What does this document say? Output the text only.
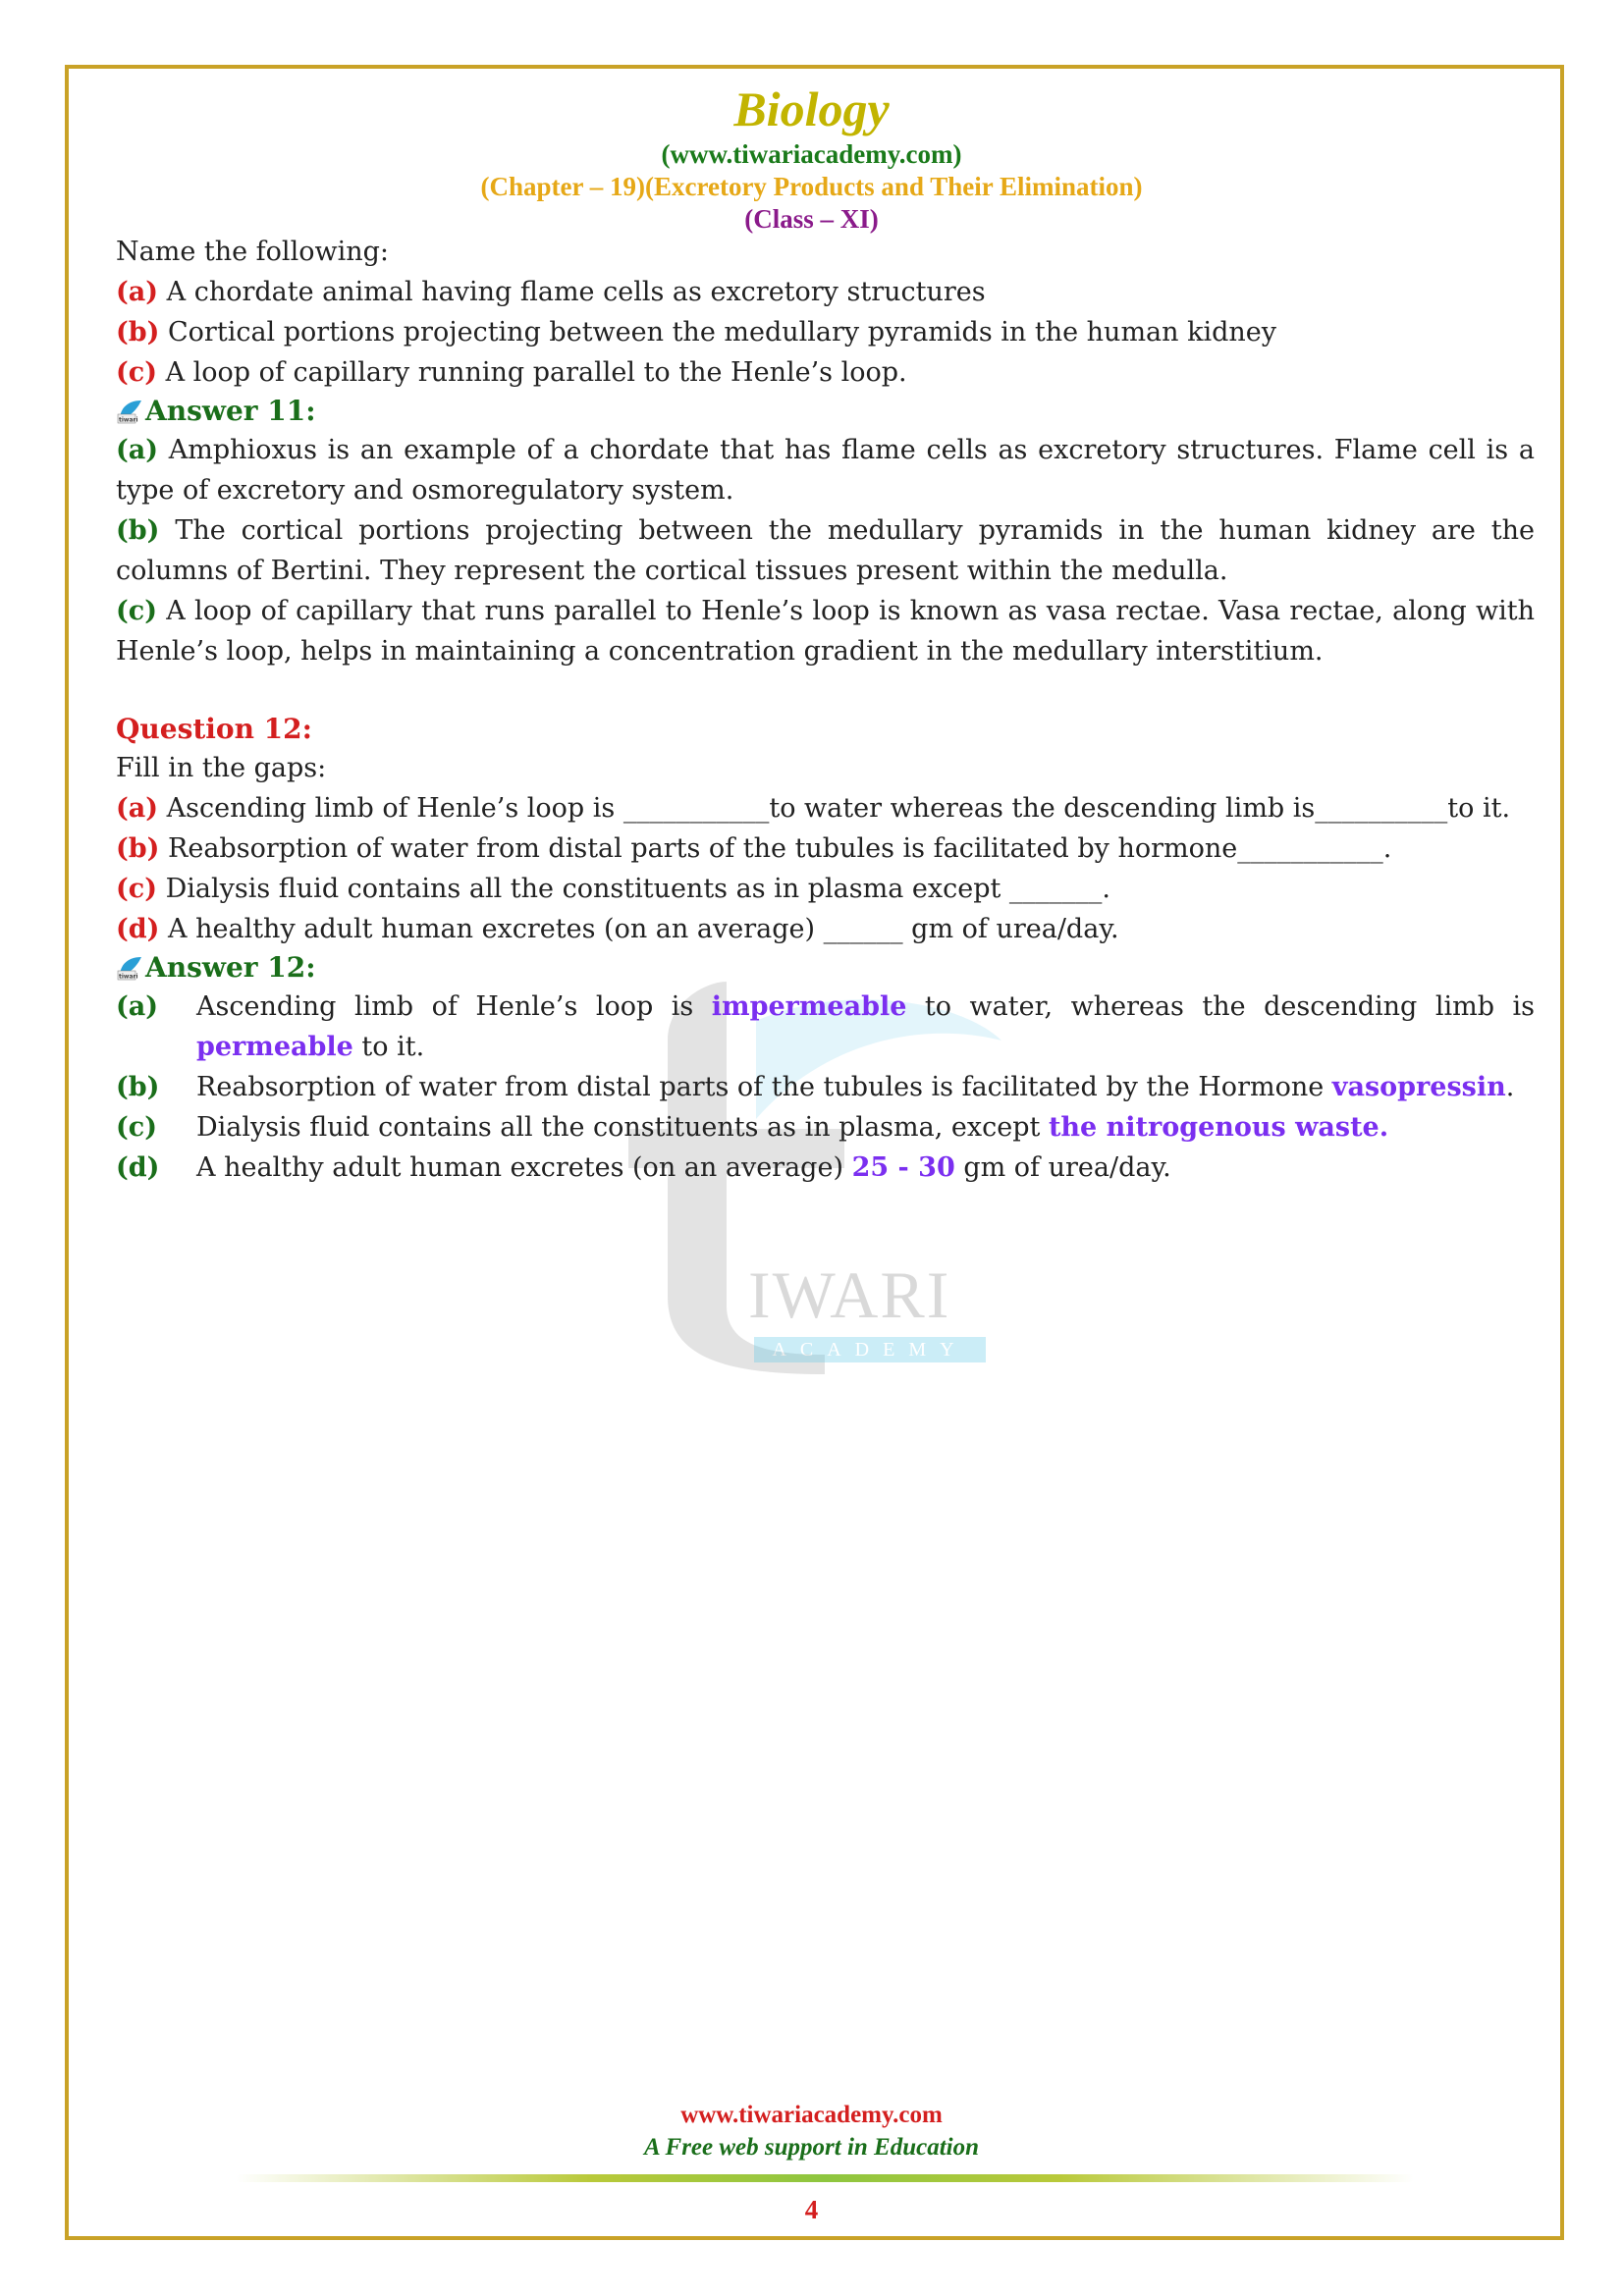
Biology
(www.tiwariacademy.com)
(Chapter – 19)(Excretory Products and Their Elimination)
(Class – XI)
IWARI
ACADEMY

Name the following:

(a) A chordate animal having flame cells as excretory structures

(b) Cortical portions projecting between the medullary pyramids in the human kidney

(c) A loop of capillary running parallel to the Henle’s loop.

tiwari Answer 11:

(a) Amphioxus is an example of a chordate that has flame cells as excretory structures. Flame cell is a type of excretory and osmoregulatory system.

(b) The cortical portions projecting between the medullary pyramids in the human kidney are the columns of Bertini. They represent the cortical tissues present within the medulla.

(c) A loop of capillary that runs parallel to Henle’s loop is known as vasa rectae. Vasa rectae, along with Henle’s loop, helps in maintaining a concentration gradient in the medullary interstitium.

Question 12:

Fill in the gaps:

(a) Ascending limb of Henle’s loop is ___________to water whereas the descending limb is__________to it.

(b) Reabsorption of water from distal parts of the tubules is facilitated by hormone___________.

(c) Dialysis fluid contains all the constituents as in plasma except _______.

(d) A healthy adult human excretes (on an average) ______ gm of urea/day.

tiwari Answer 12:
(a)	Ascending limb of Henle’s loop is impermeable to water, whereas the descending limb is permeable to it.
(b)	Reabsorption of water from distal parts of the tubules is facilitated by the Hormone vasopressin.
(c)	Dialysis fluid contains all the constituents as in plasma, except the nitrogenous waste.
(d)	A healthy adult human excretes (on an average) 25 - 30 gm of urea/day.
www.tiwariacademy.com
A Free web support in Education
4
